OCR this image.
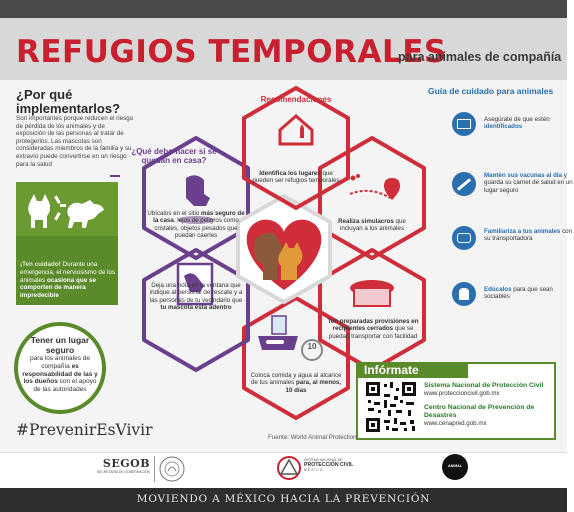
REFUGIOS TEMPORALES
para animales de compañía
¿Por qué implementarlos?
Son importantes porque reducen el riesgo de pérdida de los animales y de exposición de las personas al tratar de protegerlos. Las mascotas son consideradas miembros de la familia y su extravío puede convertirse en un riesgo para la salud
¡Ten cuidado! Durante una emergencia, el nerviosismo de los animales ocasiona que se comporten de manera impredecible
Tener un lugar seguro
para los animales de compañía es responsabilidad de las y los dueños con el apoyo de las autoridades
#PrevenirEsVivir
Recomendaciones
¿Qué debo hacer si se quedan en casa?
Identifica los lugares que pueden ser refugios temporales
Realiza simulacros que incluyan a los animales
Ten preparadas provisiones en recipientes cerrados que se puedan transportar con facilidad
Coloca comida y agua al alcance de tus animales para, al menos, 10 días
Deja una nota en la ventana que indique al personal de rescate y a las personas de tu vecindario que tu mascota está adentro
Ubícalos en el sitio más seguro de la casa, lejos de peligros como cristales, objetos pesados que puedan caerles
10
Guía de cuidado para animales
Asegúrate de que estén identificados
Mantén sus vacunas al día y guarda su carnet de salud en un lugar seguro
Familiariza a tus animales con su transportadora
Edúcalos para que sean sociables
Infórmate
Sistema Nacional de Protección Civil
www.proteccioncivil.gob.mx
Centro Nacional de Prevención de Desastres
www.cenapred.gob.mx
Fuente: World Animal Protection
SEGOB
SECRETARÍA DE GOBERNACIÓN
SISTEMA NACIONAL DE
PROTECCIÓN CIVIL
MÉXICO
ANIMAL
MOVIENDO A MÉXICO HACIA LA PREVENCIÓN
